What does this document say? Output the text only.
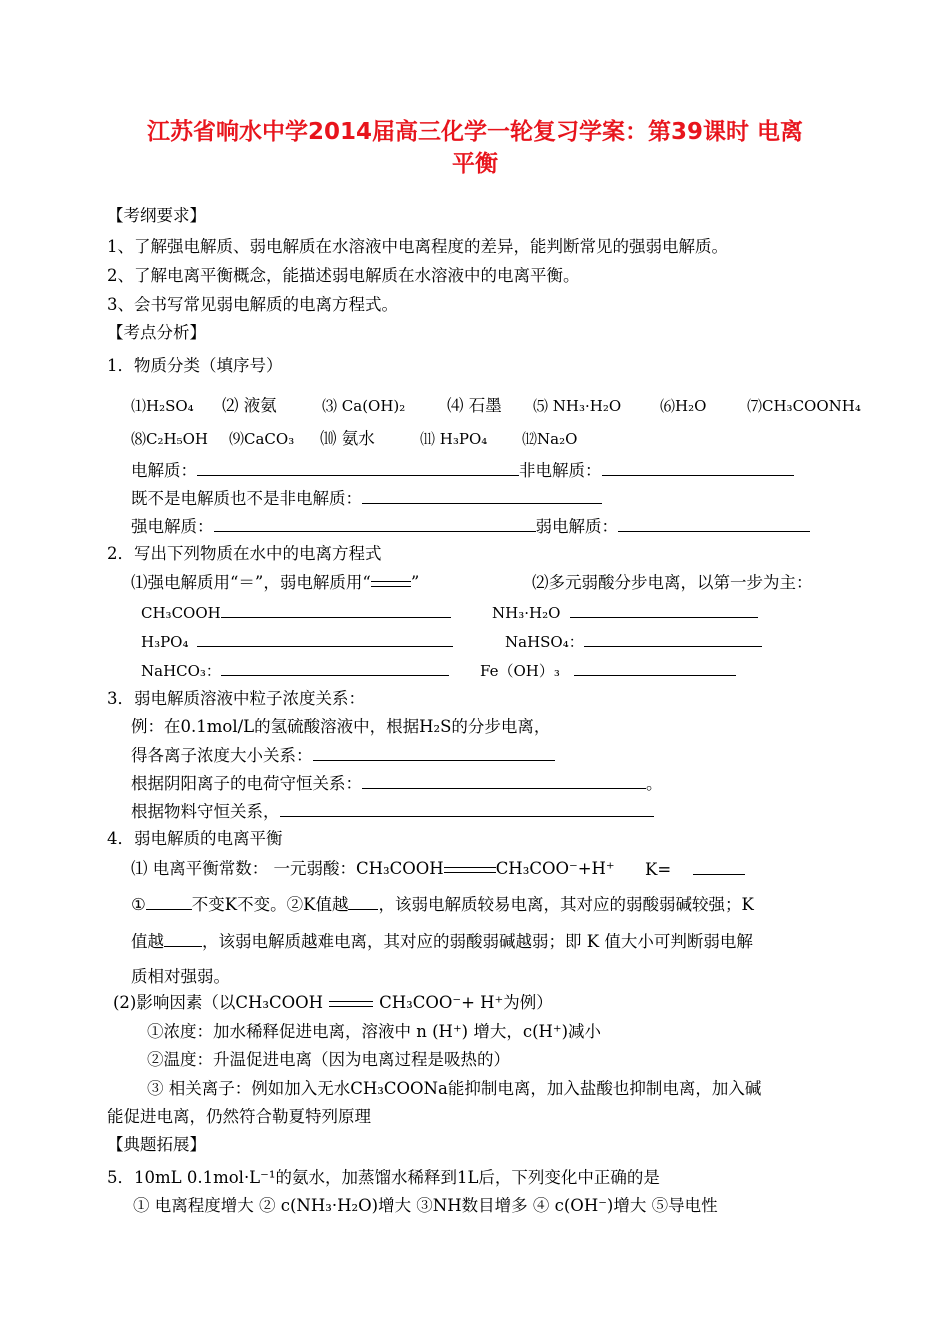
江苏省响水中学2014届高三化学一轮复习学案：第39课时 电离
平衡
【考纲要求】
1、了解强电解质、弱电解质在水溶液中电离程度的差异，能判断常见的强弱电解质。
2、了解电离平衡概念，能描述弱电解质在水溶液中的电离平衡。
3、会书写常见弱电解质的电离方程式。
【考点分析】
1．物质分类（填序号）
⑴H₂SO₄ ⑵ 液氨	⑶ Ca(OH)₂	⑷ 石墨 ⑸ NH₃·H₂O	⑹H₂O	⑺CH₃COONH₄
⑻C₂H₅OH ⑼CaCO₃ ⑽ 氨水	⑾ H₃PO₄ ⑿Na₂O
电解质：	非电解质：
既不是电解质也不是非电解质：
强电解质：	弱电解质：
2．写出下列物质在水中的电离方程式
⑴强电解质用“＝”，弱电解质用“ ”	⑵多元弱酸分步电离，以第一步为主：
CH₃COOH	NH₃·H₂O
H₃PO₄	NaHSO₄：
NaHCO₃：	Fe（OH）₃
3．弱电解质溶液中粒子浓度关系：
例：在0.1mol/L的氢硫酸溶液中，根据H₂S的分步电离，
得各离子浓度大小关系：
根据阴阳离子的电荷守恒关系：	。
根据物料守恒关系，
4．弱电解质的电离平衡
⑴ 电离平衡常数： 一元弱酸：CH₃COOH	CH₃COO⁻+H⁺ K=
①	不变K不变。②K值越 ，该弱电解质较易电离，其对应的弱酸弱碱较强；K
值越 ，该弱电解质越难电离，其对应的弱酸弱碱越弱；即 K 值大小可判断弱电解
质相对强弱。
(2)影响因素（以CH₃COOH	CH₃COO⁻+ H⁺为例）
①浓度：加水稀释促进电离，溶液中 n (H⁺) 增大，c(H⁺)减小
②温度：升温促进电离（因为电离过程是吸热的）
③ 相关离子：例如加入无水CH₃COONa能抑制电离，加入盐酸也抑制电离，加入碱
能促进电离，仍然符合勒夏特列原理
【典题拓展】
5．10mL 0.1mol·L⁻¹的氨水，加蒸馏水稀释到1L后，下列变化中正确的是
① 电离程度增大 ② c(NH₃·H₂O)增大 ③NH数目增多 ④ c(OH⁻)增大 ⑤导电性
